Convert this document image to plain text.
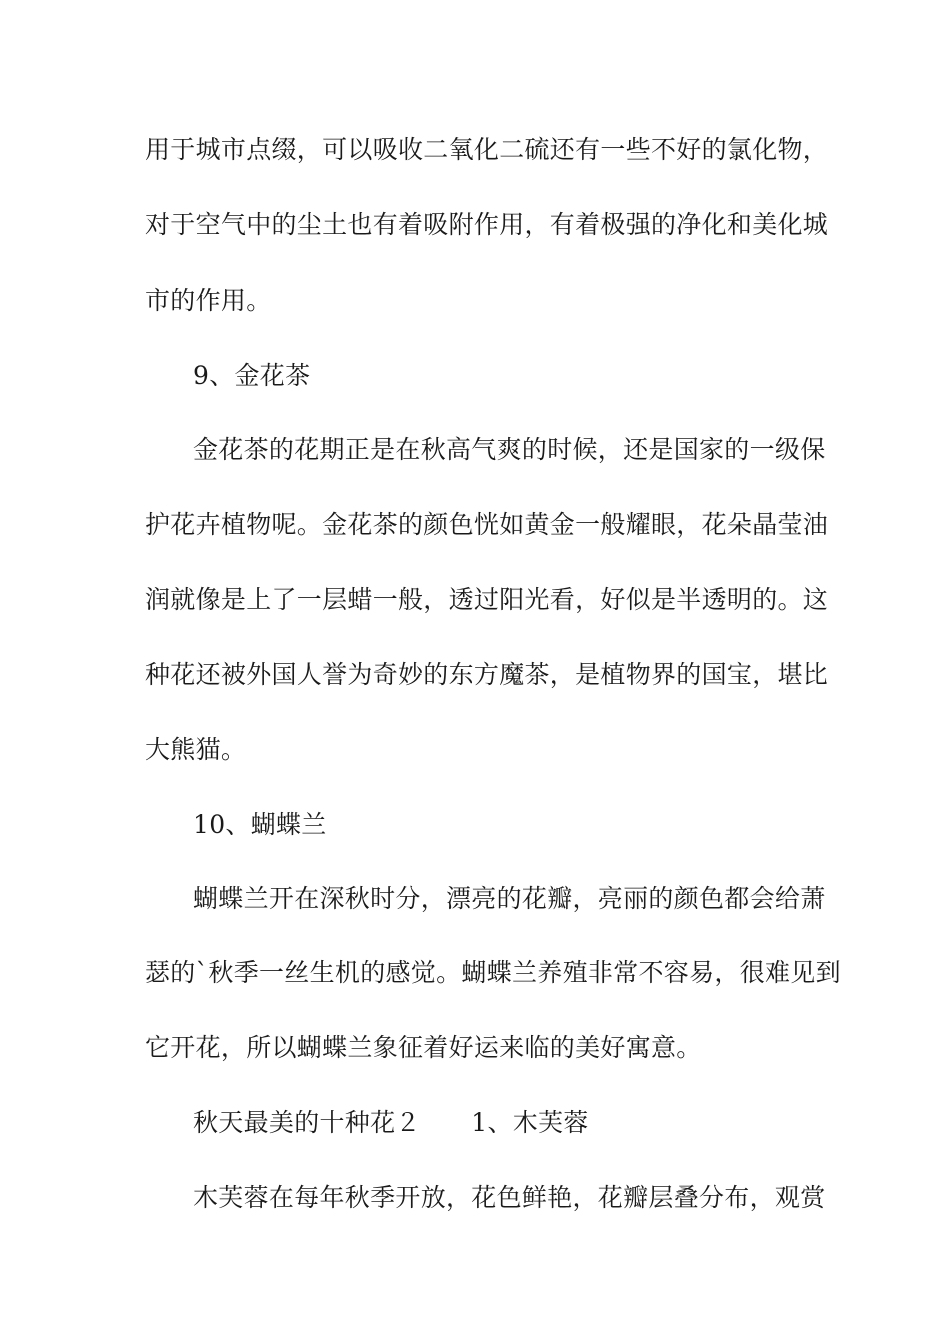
用于城市点缀，可以吸收二氧化二硫还有一些不好的氯化物，
对于空气中的尘土也有着吸附作用，有着极强的净化和美化城
市的作用。
9、金花茶
金花茶的花期正是在秋高气爽的时候，还是国家的一级保
护花卉植物呢。金花茶的颜色恍如黄金一般耀眼，花朵晶莹油
润就像是上了一层蜡一般，透过阳光看，好似是半透明的。这
种花还被外国人誉为奇妙的东方魔茶，是植物界的国宝，堪比
大熊猫。
10、蝴蝶兰
蝴蝶兰开在深秋时分，漂亮的花瓣，亮丽的颜色都会给萧
瑟的`秋季一丝生机的感觉。蝴蝶兰养殖非常不容易，很难见到
它开花，所以蝴蝶兰象征着好运来临的美好寓意。
秋天最美的十种花２　　1、木芙蓉
木芙蓉在每年秋季开放，花色鲜艳，花瓣层叠分布，观赏
